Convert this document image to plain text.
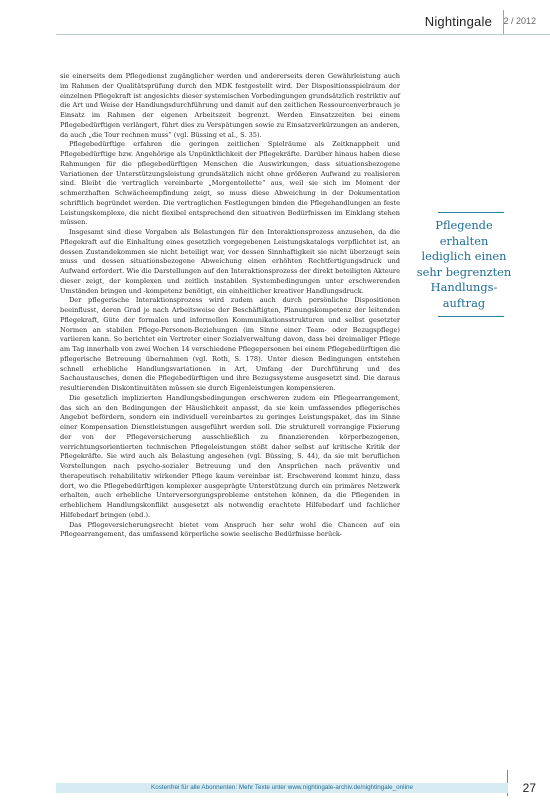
Nightingale 2 / 2012

sie einerseits dem Pflegedienst zugänglicher werden und andererseits deren Gewährleistung auch im Rahmen der Qualitätsprüfung durch den MDK festgestellt wird. Der Dispositionsspielraum der einzelnen Pflegekraft ist angesichts dieser systemischen Vorbedingungen grundsätzlich restriktiv auf die Art und Weise der Handlungsdurchführung und damit auf den zeitlichen Ressourcenverbrauch je Einsatz im Rahmen der eigenen Arbeitszeit begrenzt. Werden Einsatzzeiten bei einem Pflegebedürftigen verlängert, führt dies zu Verspätungen sowie zu Einsatzverkürzungen an anderen, da auch „die Tour rechnen muss“ (vgl. Büssing et al., S. 35).

Pflegebedürftige erfahren die geringen zeitlichen Spielräume als Zeitknappheit und Pflegebedürftige bzw. Angehörige als Unpünktlichkeit der Pflegekräfte. Darüber hinaus haben diese Rahmungen für die pflegebedürftigen Menschen die Auswirkungen, dass situationsbezogene Variationen der Unterstützungsleistung grundsätzlich nicht ohne größeren Aufwand zu realisieren sind. Bleibt die vertraglich vereinbarte „Morgentoilette“ aus, weil sie sich im Moment der schmerzhaften Schwächeempfindung zeigt, so muss diese Abweichung in der Dokumentation schriftlich begründet werden. Die vertraglichen Festlegungen binden die Pflegehandlungen an feste Leistungskomplexe, die nicht flexibel entsprechend den situativen Bedürfnissen im Einklang stehen müssen.

Insgesamt sind diese Vorgaben als Belastungen für den Interaktionsprozess anzusehen, da die Pflegekraft auf die Einhaltung eines gesetzlich vorgegebenen Leistungskatalogs verpflichtet ist, an dessen Zustandekommen sie nicht beteiligt war, vor dessen Sinnhaftigkeit sie nicht überzeugt sein muss und dessen situationsbezogene Abweichung einen erhöhten Rechtfertigungsdruck und Aufwand erfordert. Wie die Darstellungen auf den Interaktionsprozess der direkt beteiligten Akteure dieser zeigt, der komplexen und zeitlich instabilen Systembedingungen unter erschwerenden Umständen bringen und -kompetenz benötigt, ein einheitlicher kreativer Handlungsdruck.

Der pflegerische Interaktionsprozess wird zudem auch durch persönliche Dispositionen beeinflusst, deren Grad je nach Arbeitsweise der Beschäftigten, Planungskompetenz der leitenden Pflegekraft, Güte der formalen und informellen Kommunikationsstrukturen und selbst gesetzter Normen an stabilen Pflege-Personen-Beziehungen (im Sinne einer Team- oder Bezugspflege) variieren kann. So berichtet ein Vertreter einer Sozialverwaltung davon, dass bei dreimaliger Pflege am Tag innerhalb von zwei Wochen 14 verschiedene Pflegepersonen bei einem Pflegebedürftigen die pflegerische Betreuung übernahmen (vgl. Roth, S. 178). Unter diesen Bedingungen entstehen schnell erhebliche Handlungsvariationen in Art, Umfang der Durchführung und des Sachaustausches, denen die Pflegebedürftigen und ihre Bezugssysteme ausgesetzt sind. Die daraus resultierenden Diskontinuitäten müssen sie durch Eigenleistungen kompensieren.

Die gesetzlich implizierten Handlungsbedingungen erschweren zudem ein Pflegearrangement, das sich an den Bedingungen der Häuslichkeit anpasst, da sie kein umfassendes pflegerisches Angebot befördern, sondern ein individuell vereinbartes zu geringes Leistungspaket, das im Sinne einer Kompensation Dienstleistungen ausgeführt werden soll. Die strukturell vorrangige Fixierung der von der Pflegeversicherung ausschließlich zu finanzierenden körperbezogenen, verrichtungsorientierten technischen Pflegeleistungen stößt daher selbst auf kritische Kritik der Pflegekräfte. Sie wird auch als Belastung angesehen (vgl. Büssing, S. 44), da sie mit beruflichen Vorstellungen nach psycho-sozialer Betreuung und den Ansprüchen nach präventiv und therapeutisch rehabilitativ wirkender Pflege kaum vereinbar ist. Erschwerend kommt hinzu, dass dort, wo die Pflegebedürftigen komplexer ausgeprägte Unterstützung durch ein primäres Netzwerk erhalten, auch erhebliche Unterversorgungsprobleme entstehen können, da die Pflegenden in erheblichem Handlungskonflikt ausgesetzt als notwendig erachtete Hilfebedarf und fachlicher Hilfebedarf bringen (ebd.).

Das Pflegeversicherungsrecht bietet vom Anspruch her sehr wohl die Chancen auf ein Pflegearrangement, das umfassend körperliche sowie seelische Bedürfnisse berück-

Pflegende
erhalten
lediglich einen
sehr begrenzten
Handlungs-
auftrag
Kostenfrei für alle Abonnenten: Mehr Texte unter www.nightingale-archiv.de/nightingale_online	27
